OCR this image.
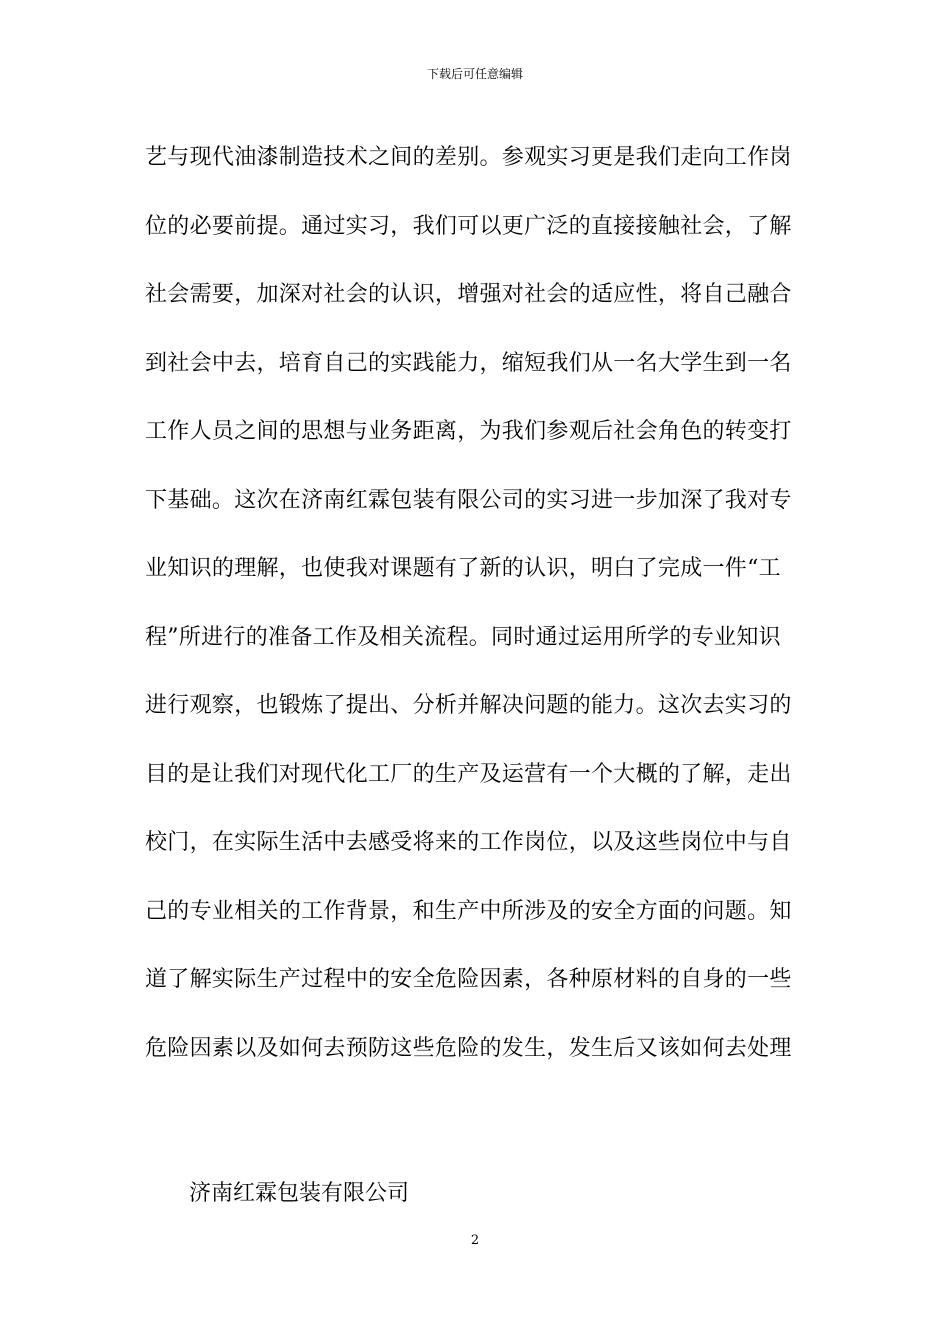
下载后可任意编辑
艺与现代油漆制造技术之间的差别。参观实习更是我们走向工作岗
位的必要前提。通过实习，我们可以更广泛的直接接触社会，了解
社会需要，加深对社会的认识，增强对社会的适应性，将自己融合
到社会中去，培育自己的实践能力，缩短我们从一名大学生到一名
工作人员之间的思想与业务距离，为我们参观后社会角色的转变打
下基础。这次在济南红霖包装有限公司的实习进一步加深了我对专
业知识的理解，也使我对课题有了新的认识，明白了完成一件“工
程”所进行的准备工作及相关流程。同时通过运用所学的专业知识
进行观察，也锻炼了提出、分析并解决问题的能力。这次去实习的
目的是让我们对现代化工厂的生产及运营有一个大概的了解，走出
校门，在实际生活中去感受将来的工作岗位，以及这些岗位中与自
己的专业相关的工作背景，和生产中所涉及的安全方面的问题。知
道了解实际生产过程中的安全危险因素，各种原材料的自身的一些
危险因素以及如何去预防这些危险的发生，发生后又该如何去处理
济南红霖包装有限公司
2
